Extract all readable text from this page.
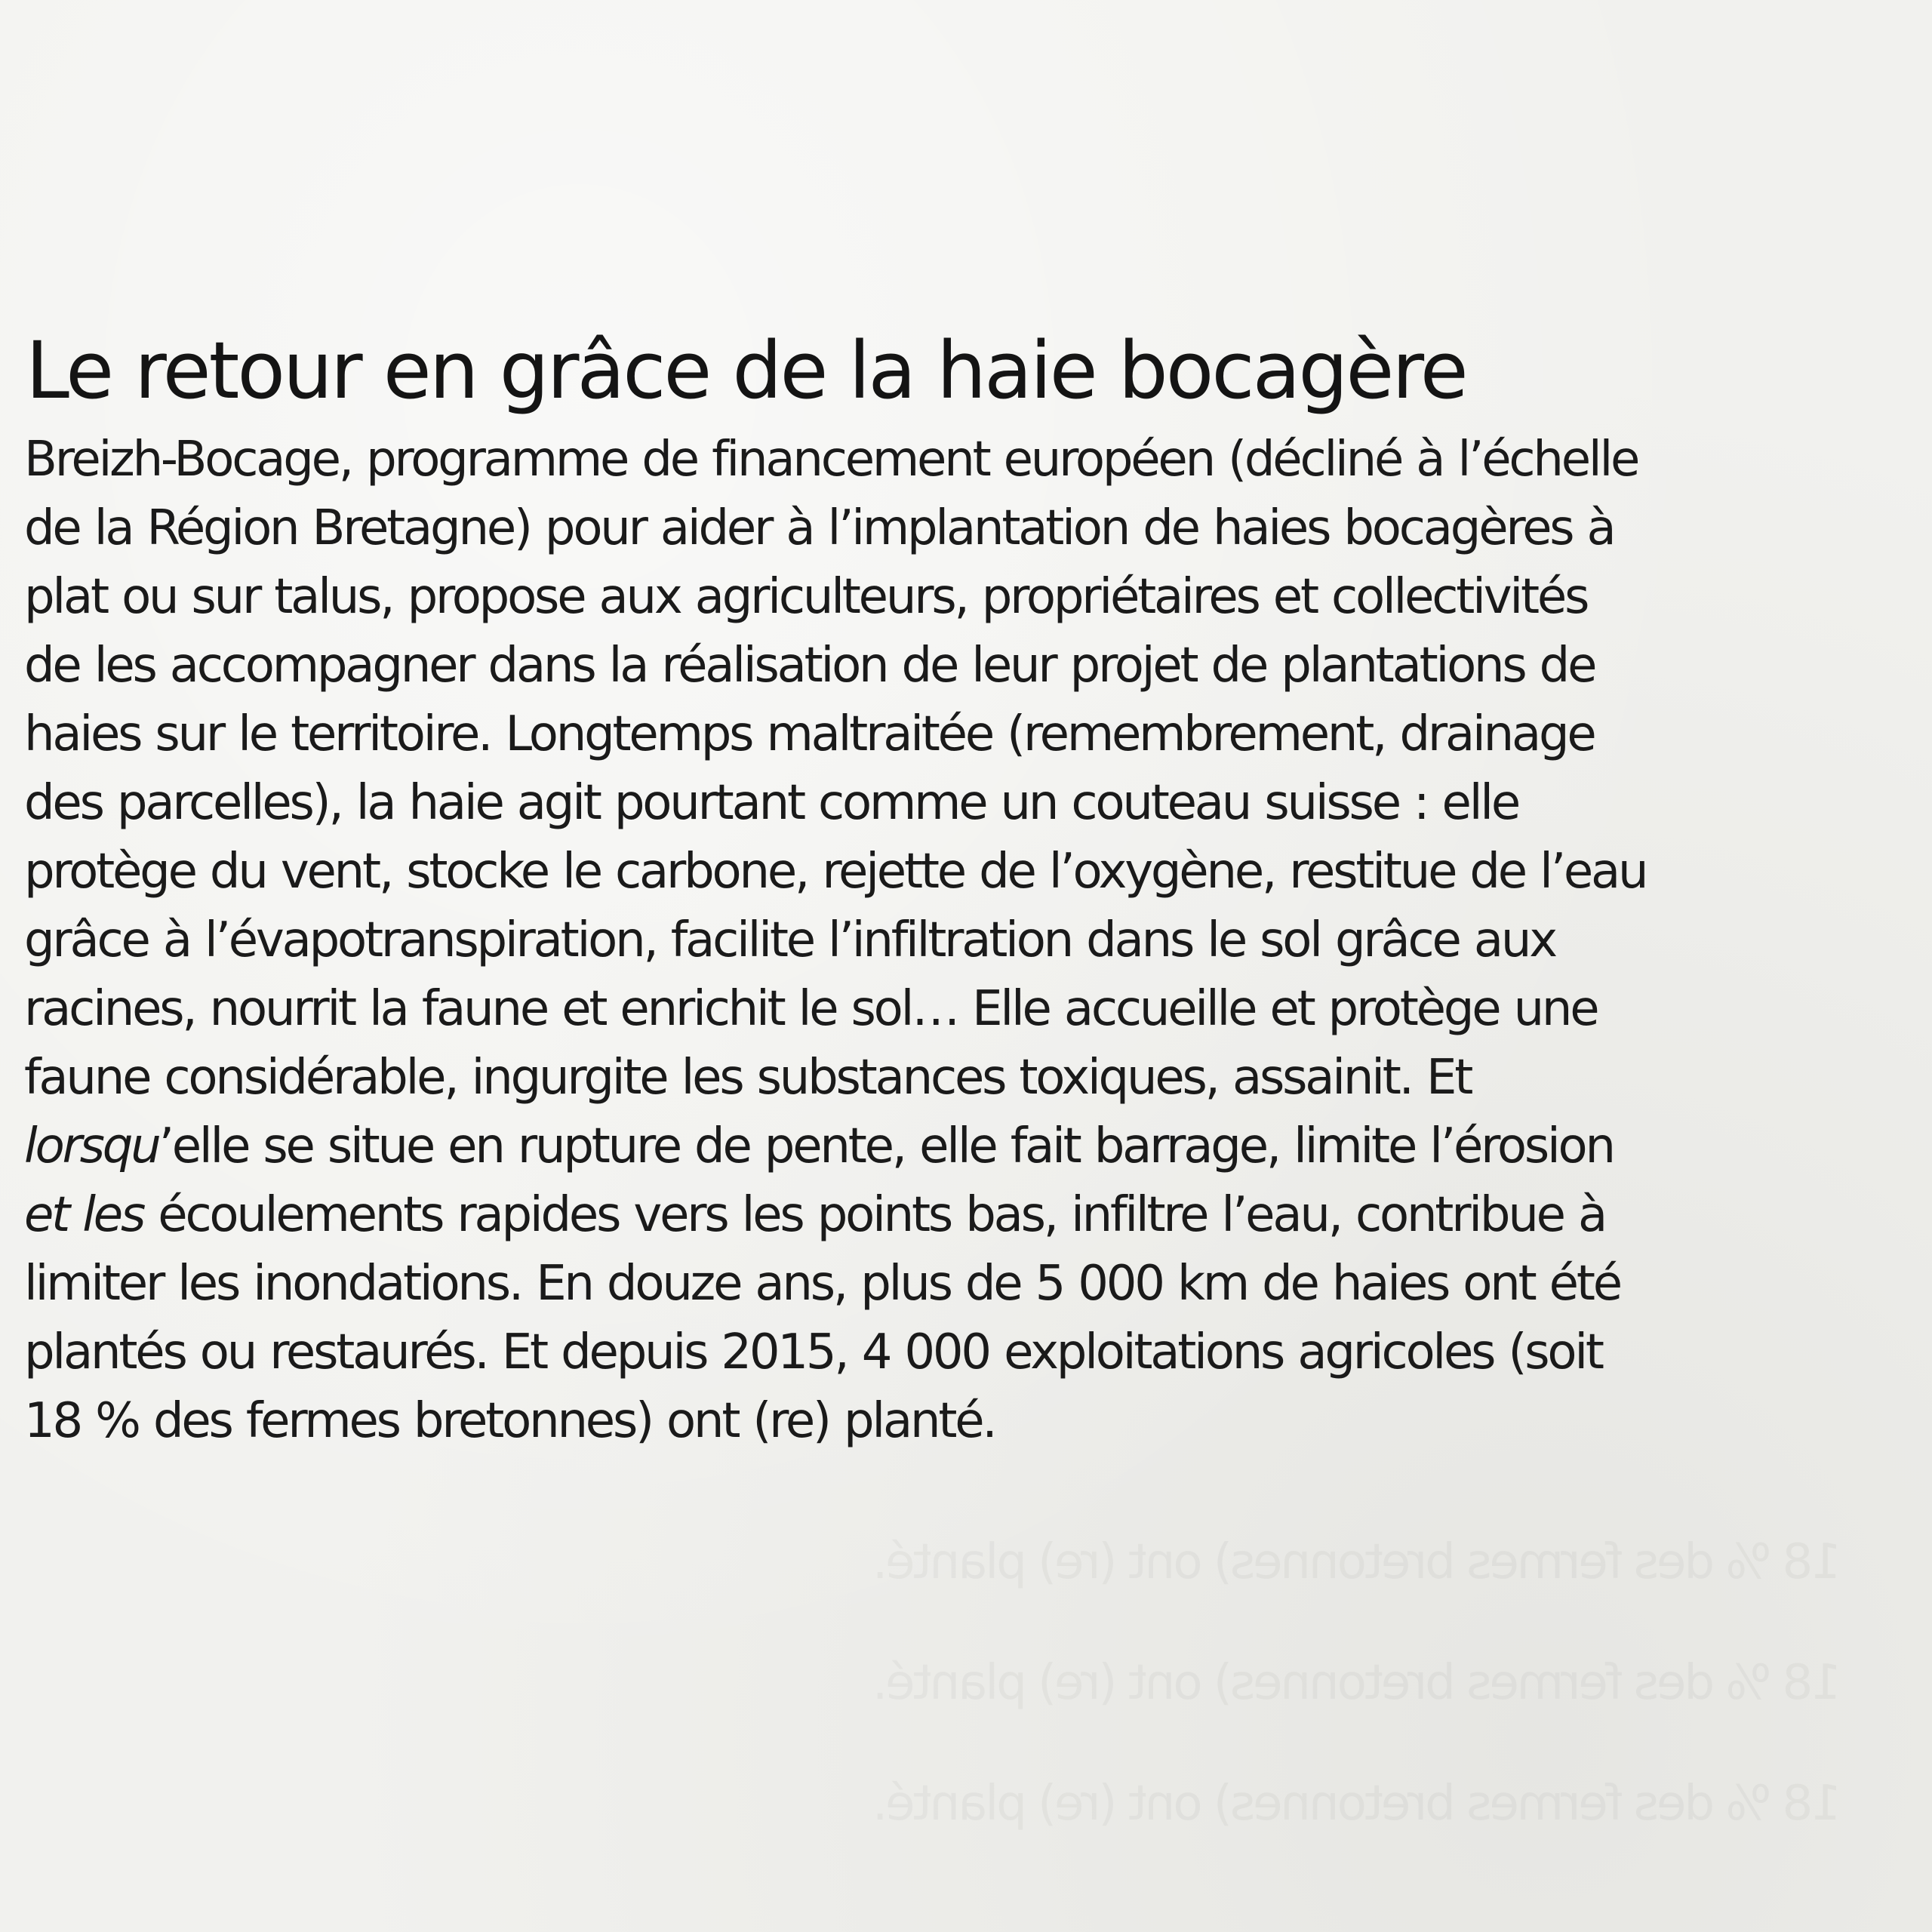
Le retour en grâce de la haie bocagère
Breizh-Bocage, programme de financement européen (décliné à l’échelle
de la Région Bretagne) pour aider à l’implantation de haies bocagères à
plat ou sur talus, propose aux agriculteurs, propriétaires et collectivités
de les accompagner dans la réalisation de leur projet de plantations de
haies sur le territoire. Longtemps maltraitée (remembrement, drainage
des parcelles), la haie agit pourtant comme un couteau suisse : elle
protège du vent, stocke le carbone, rejette de l’oxygène, restitue de l’eau
grâce à l’évapotranspiration, facilite l’infiltration dans le sol grâce aux
racines, nourrit la faune et enrichit le sol… Elle accueille et protège une
faune considérable, ingurgite les substances toxiques, assainit. Et
lorsqu’elle se situe en rupture de pente, elle fait barrage, limite l’érosion
et les écoulements rapides vers les points bas, infiltre l’eau, contribue à
limiter les inondations. En douze ans, plus de 5 000 km de haies ont été
plantés ou restaurés. Et depuis 2015, 4 000 exploitations agricoles (soit
18 % des fermes bretonnes) ont (re) planté.
18 % des fermes bretonnes) ont (re) planté.
18 % des fermes bretonnes) ont (re) planté.
18 % des fermes bretonnes) ont (re) planté.
